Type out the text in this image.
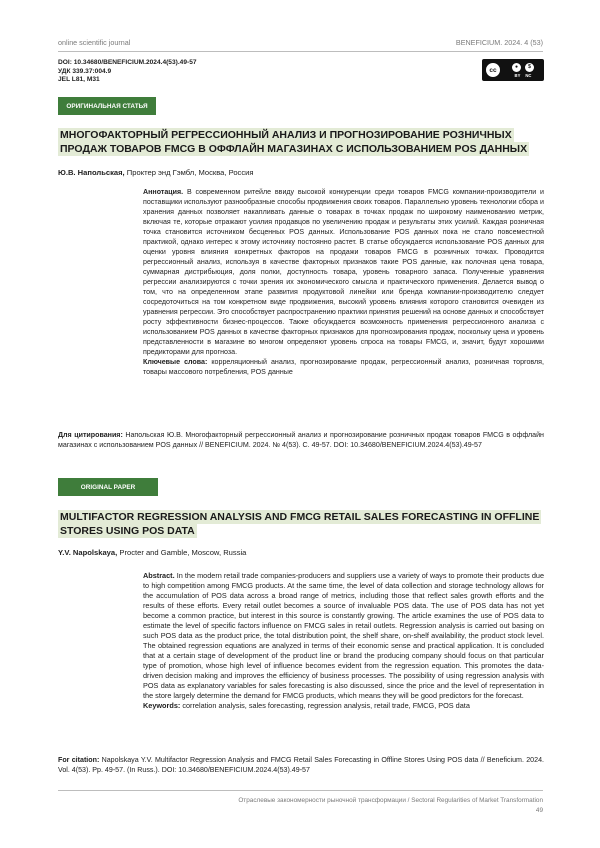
online scientific journal	BENEFICIUM. 2024. 4 (53)
DOI: 10.34680/BENEFICIUM.2024.4(53).49-57
УДК 339.37:004.9
JEL L81, M31
cc	●	$
BY NC
ОРИГИНАЛЬНАЯ СТАТЬЯ
МНОГОФАКТОРНЫЙ РЕГРЕССИОННЫЙ АНАЛИЗ И ПРОГНОЗИРОВАНИЕ РОЗНИЧНЫХ
ПРОДАЖ ТОВАРОВ FMCG В ОФФЛАЙН МАГАЗИНАХ С ИСПОЛЬЗОВАНИЕМ POS ДАННЫХ
Ю.В. Напольская, Проктер энд Гэмбл, Москва, Россия

Аннотация. В современном ритейле ввиду высокой конкуренции среди товаров FMCG компании-производители и поставщики используют разнообразные способы продвижения своих товаров. Параллельно уровень технологии сбора и хранения данных позволяет накапливать данные о товарах в точках продаж по широкому наименованию метрик, включая те, которые отражают усилия продавцов по увеличению продаж и результаты этих усилий. Каждая розничная точка становится источником бесценных POS данных. Использование POS данных пока не стало повсеместной практикой, однако интерес к этому источнику постоянно растет. В статье обсуждается использование POS данных для оценки уровня влияния конкретных факторов на продажи товаров FMCG в розничных точках. Проводится регрессионный анализ, используя в качестве факторных признаков такие POS данные, как полочная цена товара, суммарная дистрибьюция, доля полки, доступность товара, уровень товарного запаса. Полученные уравнения регрессии анализируются с точки зрения их экономического смысла и практического применения. Делается вывод о том, что на определенном этапе развития продуктовой линейки или бренда компании-производителю следует сосредоточиться на том конкретном виде продвижения, высокий уровень влияния которого становится очевиден из уравнения регрессии. Это способствует распространению практики принятия решений на основе данных и способствует росту эффективности бизнес-процессов. Также обсуждается возможность применения регрессионного анализа с использованием POS данных в качестве факторных признаков для прогнозирования продаж, поскольку цена и уровень представленности в магазине во многом определяют уровень спроса на товары FMCG, и, значит, будут хорошими предикторами для прогноза.

Ключевые слова: корреляционный анализ, прогнозирование продаж, регрессионный анализ, розничная торговля, товары массового потребления, POS данные

Для цитирования: Напольская Ю.В. Многофакторный регрессионный анализ и прогнозирование розничных продаж товаров FMCG в оффлайн магазинах с использованием POS данных // BENEFICIUM. 2024. № 4(53). С. 49-57. DOI: 10.34680/BENEFICIUM.2024.4(53).49-57
ORIGINAL PAPER
MULTIFACTOR REGRESSION ANALYSIS AND FMCG RETAIL SALES FORECASTING IN OFFLINE
STORES USING POS DATA
Y.V. Napolskaya, Procter and Gamble, Moscow, Russia

Abstract. In the modern retail trade companies-producers and suppliers use a variety of ways to promote their products due to high competition among FMCG products. At the same time, the level of data collection and storage technology allows for the accumulation of POS data across a broad range of metrics, including those that reflect sales growth efforts and the results of these efforts. Every retail outlet becomes a source of invaluable POS data. The use of POS data has not yet become a common practice, but interest in this source is constantly growing. The article examines the use of POS data to estimate the level of specific factors influence on FMCG sales in retail outlets. Regression analysis is carried out basing on such POS data as the product price, the total distribution point, the shelf share, on-shelf availability, the product stock level. The obtained regression equations are analyzed in terms of their economic sense and practical application. It is concluded that at a certain stage of development of the product line or brand the producing company should focus on that particular type of promotion, whose high level of influence becomes evident from the regression equation. This promotes the data-driven decision making and improves the efficiency of business processes. The possibility of using regression analysis with POS data as explanatory variables for sales forecasting is also discussed, since the price and the level of representation in the store largely determine the demand for FMCG products, which means they will be good predictors for the forecast.

Keywords: correlation analysis, sales forecasting, regression analysis, retail trade, FMCG, POS data

For citation: Napolskaya Y.V. Multifactor Regression Analysis and FMCG Retail Sales Forecasting in Offline Stores Using POS data // Beneficium. 2024. Vol. 4(53). Pp. 49-57. (In Russ.). DOI: 10.34680/BENEFICIUM.2024.4(53).49-57
Отраслевые закономерности рыночной трансформации / Sectoral Regularities of Market Transformation
49
